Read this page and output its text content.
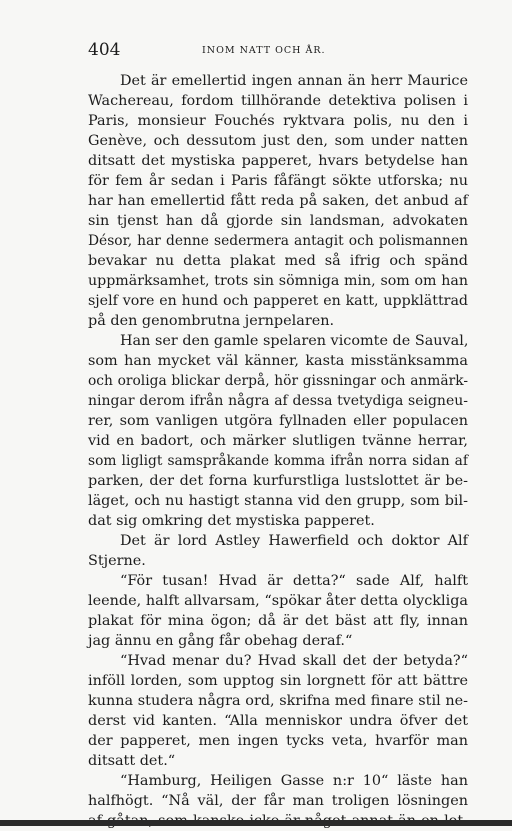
404	INOM NATT OCH ÅR.
Det är emellertid ingen annan än herr Maurice
Wachereau, fordom tillhörande detektiva polisen i
Paris, monsieur Fouchés ryktvara polis, nu den i
Genève, och dessutom just den, som under natten
ditsatt det mystiska papperet, hvars betydelse han
för fem år sedan i Paris fåfängt sökte utforska; nu
har han emellertid fått reda på saken, det anbud af
sin tjenst han då gjorde sin landsman, advokaten
Désor, har denne sedermera antagit och polismannen
bevakar nu detta plakat med så ifrig och spänd
uppmärksamhet, trots sin sömniga min, som om han
sjelf vore en hund och papperet en katt, uppklättrad
på den genombrutna jernpelaren.
Han ser den gamle spelaren vicomte de Sauval,
som han mycket väl känner, kasta misstänksamma
och oroliga blickar derpå, hör gissningar och anmärk-
ningar derom ifrån några af dessa tvetydiga seigneu-
rer, som vanligen utgöra fyllnaden eller populacen
vid en badort, och märker slutligen tvänne herrar,
som ligligt samspråkande komma ifrån norra sidan af
parken, der det forna kurfurstliga lustslottet är be-
läget, och nu hastigt stanna vid den grupp, som bil-
dat sig omkring det mystiska papperet.
Det är lord Astley Hawerfield och doktor Alf
Stjerne.
“För tusan! Hvad är detta?“ sade Alf, halft
leende, halft allvarsam, “spökar åter detta olyckliga
plakat för mina ögon; då är det bäst att fly, innan
jag ännu en gång får obehag deraf.“
“Hvad menar du? Hvad skall det der betyda?“
inföll lorden, som upptog sin lorgnett för att bättre
kunna studera några ord, skrifna med finare stil ne-
derst vid kanten. “Alla menniskor undra öfver det
der papperet, men ingen tycks veta, hvarför man
ditsatt det.“
“Hamburg, Heiligen Gasse n:r 10“ läste han
halfhögt. “Nå väl, der får man troligen lösningen
